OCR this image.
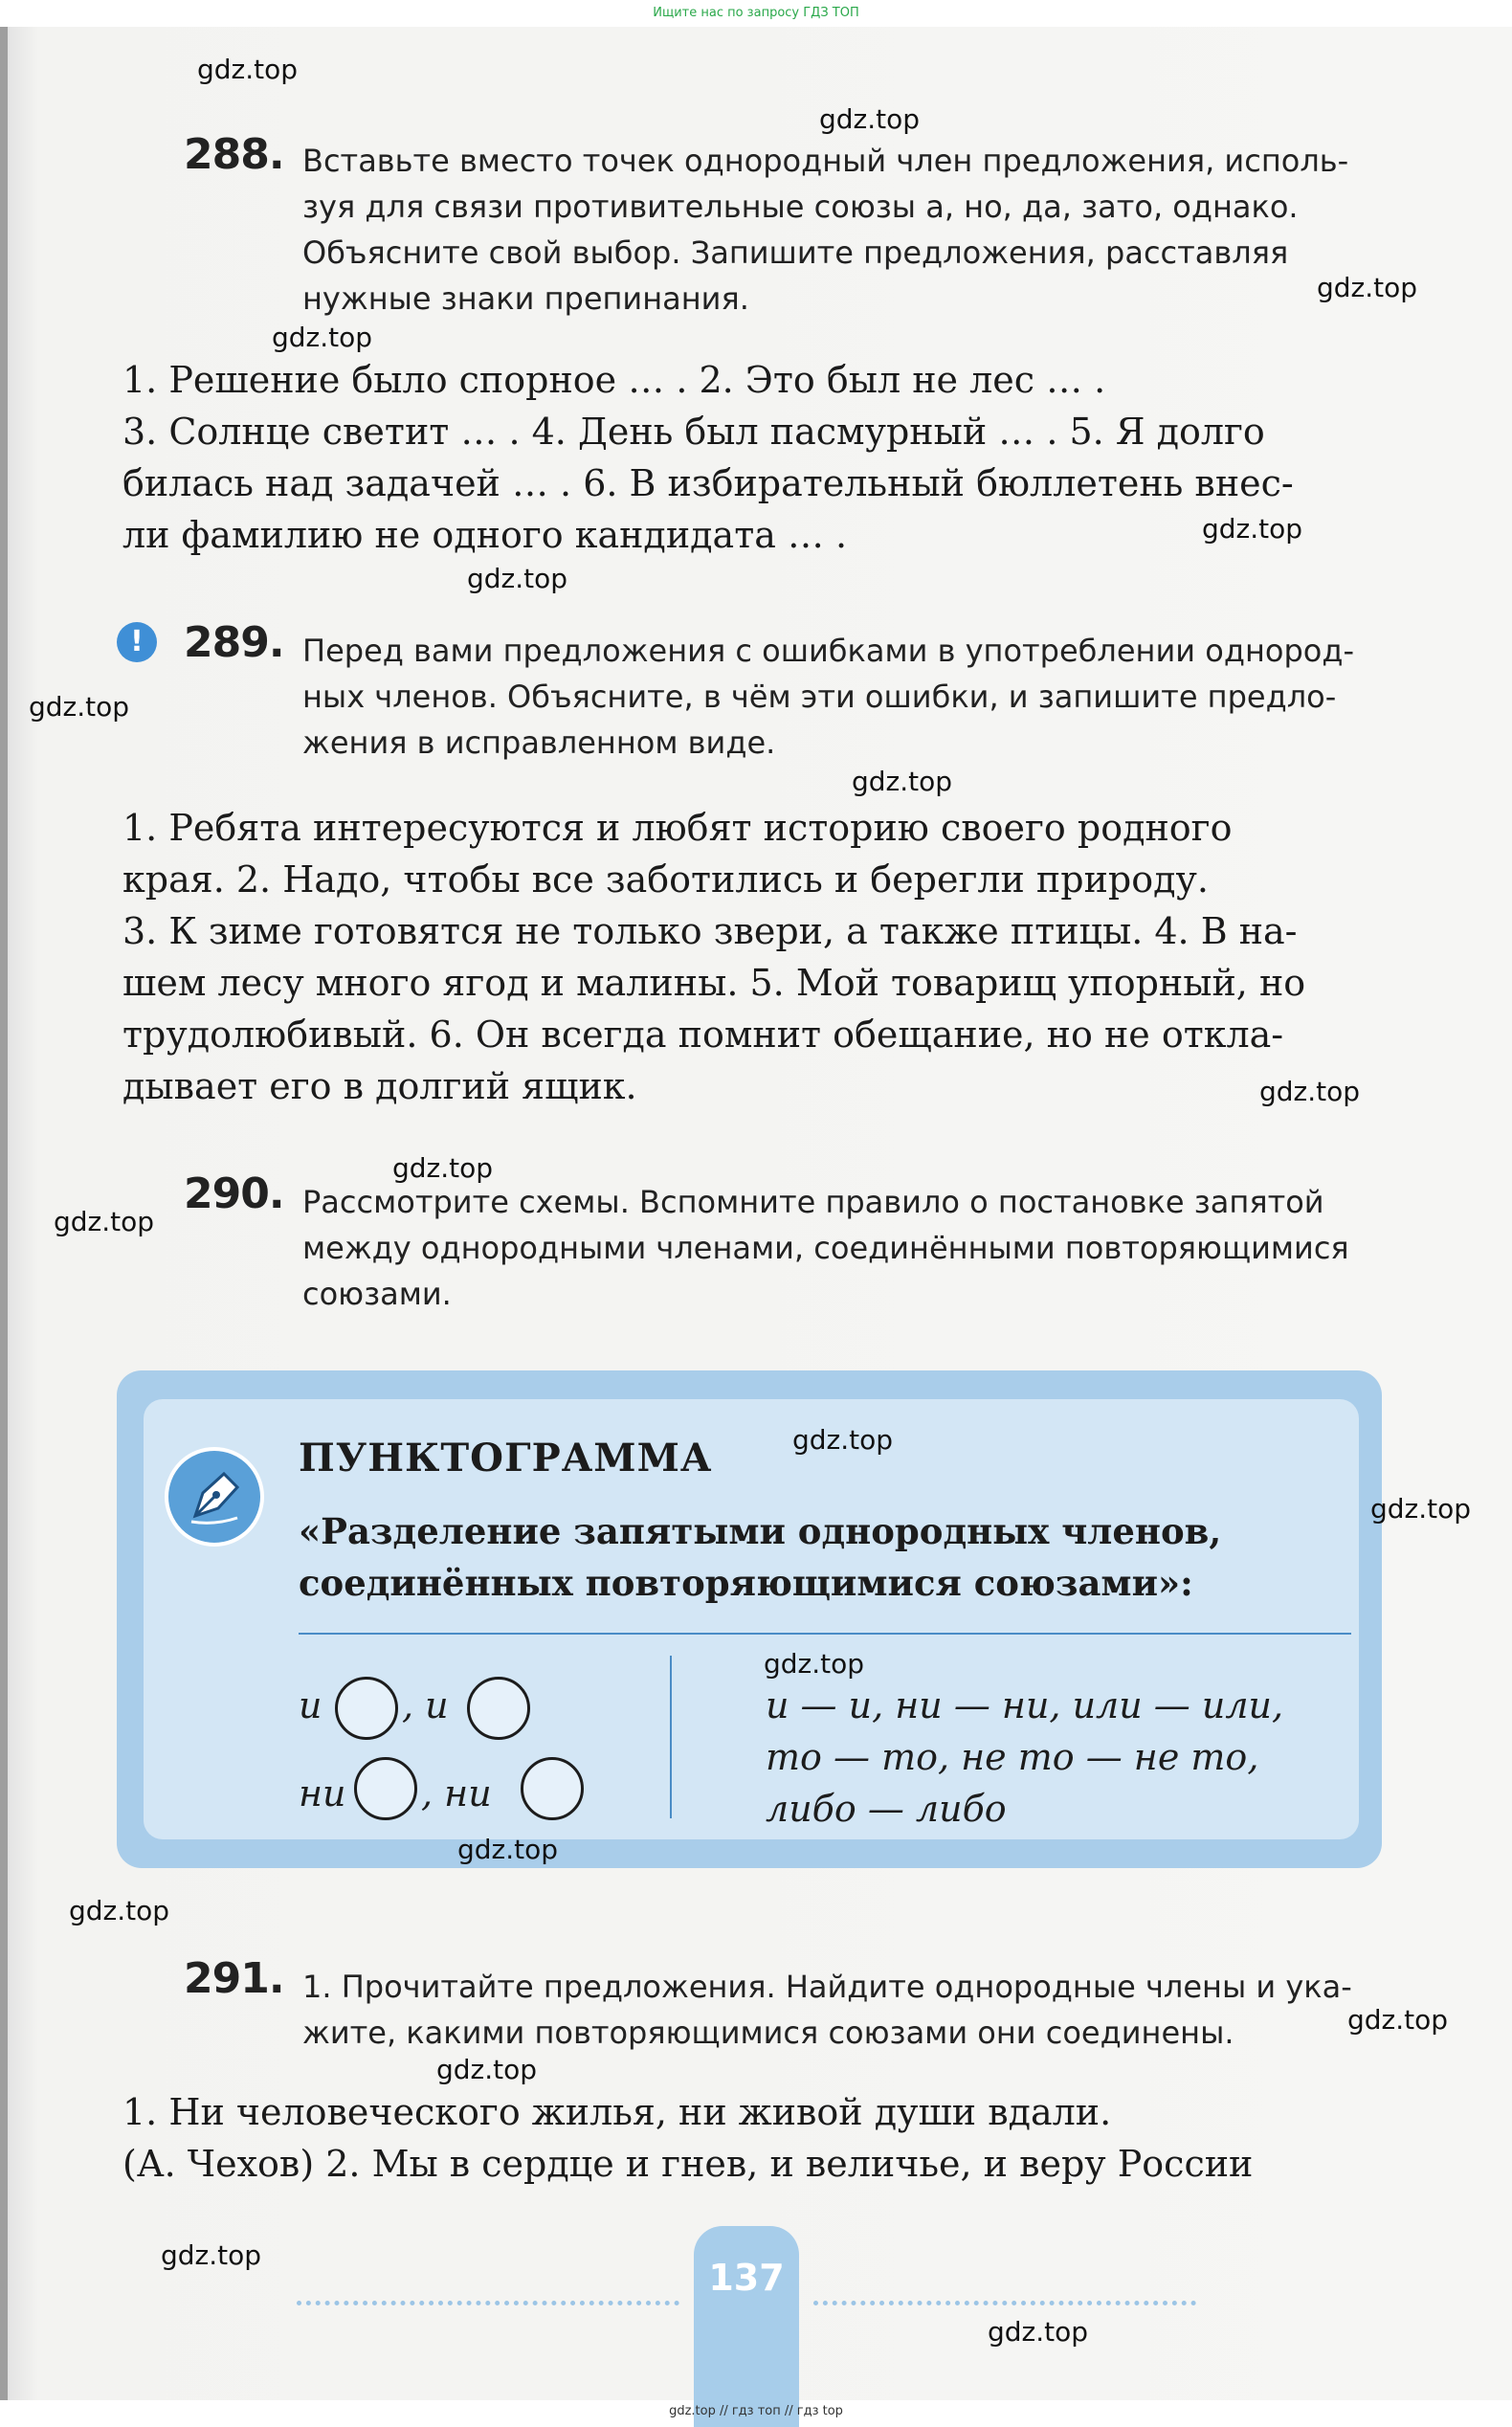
Ищите нас по запросу ГДЗ ТОП
288. Вставьте вместо точек однородный член предложения, исполь-
зуя для связи противительные союзы а, но, да, зато, однако.
Объясните свой выбор. Запишите предложения, расставляя
нужные знаки препинания.
1. Решение было спорное … . 2. Это был не лес … .
3. Солнце светит … . 4. День был пасмурный … . 5. Я долго
билась над задачей … . 6. В избирательный бюллетень внес-
ли фамилию не одного кандидата … .
! 289. Перед вами предложения с ошибками в употреблении однород-
ных членов. Объясните, в чём эти ошибки, и запишите предло-
жения в исправленном виде.
1. Ребята интересуются и любят историю своего родного
края. 2. Надо, чтобы все заботились и берегли природу.
3. К зиме готовятся не только звери, а также птицы. 4. В на-
шем лесу много ягод и малины. 5. Мой товарищ упорный, но
трудолюбивый. 6. Он всегда помнит обещание, но не откла-
дывает его в долгий ящик.
290. Рассмотрите схемы. Вспомните правило о постановке запятой
между однородными членами, соединёнными повторяющимися
союзами.
ПУНКТОГРАММА
«Разделение запятыми однородных членов,
соединённых повторяющимися союзами»:
и , и
ни , ни
и — и, ни — ни, или — или,
то — то, не то — не то,
либо — либо
291. 1. Прочитайте предложения. Найдите однородные члены и ука-
жите, какими повторяющимися союзами они соединены.
1. Ни человеческого жилья, ни живой души вдали.
(А. Чехов) 2. Мы в сердце и гнев, и величье, и веру России
137
gdz.top
gdz.top
gdz.top
gdz.top
gdz.top
gdz.top
gdz.top
gdz.top
gdz.top
gdz.top
gdz.top
gdz.top
gdz.top
gdz.top
gdz.top
gdz.top
gdz.top
gdz.top
gdz.top
gdz.top
gdz.top // гдз топ // гдз top
